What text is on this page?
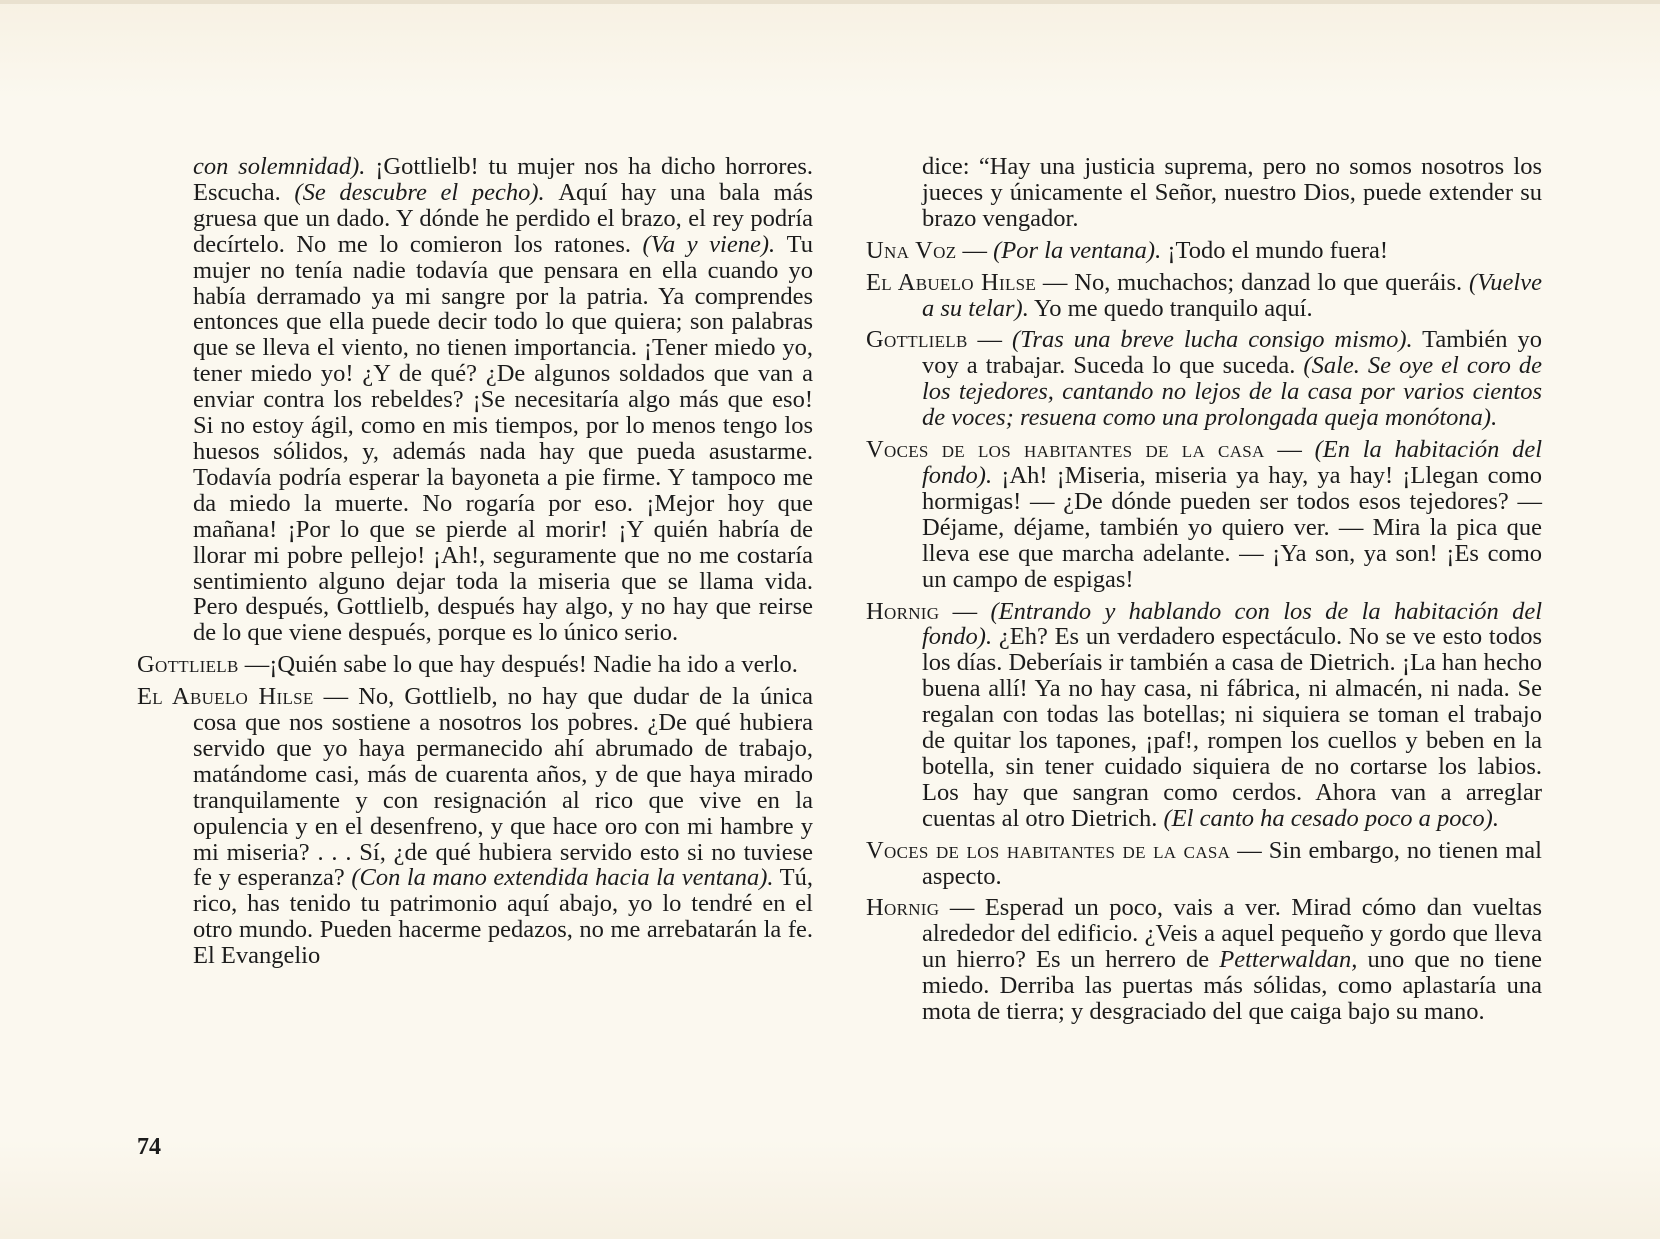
con solemnidad). ¡Gottlielb! tu mujer nos ha dicho horrores. Escucha. (Se descubre el pecho). Aquí hay una bala más gruesa que un dado. Y dónde he perdido el brazo, el rey podría decírtelo. No me lo comieron los ratones. (Va y viene). Tu mujer no tenía nadie todavía que pensara en ella cuando yo había derramado ya mi sangre por la patria. Ya comprendes entonces que ella puede decir todo lo que quiera; son palabras que se lleva el viento, no tienen importancia. ¡Tener miedo yo, tener miedo yo! ¿Y de qué? ¿De algunos soldados que van a enviar contra los rebeldes? ¡Se necesitaría algo más que eso! Si no estoy ágil, como en mis tiempos, por lo menos tengo los huesos sólidos, y, además nada hay que pueda asustarme. Todavía podría esperar la bayoneta a pie firme. Y tampoco me da miedo la muerte. No rogaría por eso. ¡Mejor hoy que mañana! ¡Por lo que se pierde al morir! ¡Y quién habría de llorar mi pobre pellejo! ¡Ah!, seguramente que no me costaría sentimiento alguno dejar toda la miseria que se llama vida. Pero después, Gottlielb, después hay algo, y no hay que reirse de lo que viene después, porque es lo único serio.

Gottlielb —¡Quién sabe lo que hay después! Nadie ha ido a verlo.

El Abuelo Hilse — No, Gottlielb, no hay que dudar de la única cosa que nos sostiene a nosotros los pobres. ¿De qué hubiera servido que yo haya permanecido ahí abrumado de trabajo, matándome casi, más de cuarenta años, y de que haya mirado tranquilamente y con resignación al rico que vive en la opulencia y en el desenfreno, y que hace oro con mi hambre y mi miseria? . . . Sí, ¿de qué hubiera servido esto si no tuviese fe y esperanza? (Con la mano extendida hacia la ventana). Tú, rico, has tenido tu patrimonio aquí abajo, yo lo tendré en el otro mundo. Pueden hacerme pedazos, no me arrebatarán la fe. El Evangelio

dice: “Hay una justicia suprema, pero no somos nosotros los jueces y únicamente el Señor, nuestro Dios, puede extender su brazo vengador.

Una Voz — (Por la ventana). ¡Todo el mundo fuera!

El Abuelo Hilse — No, muchachos; danzad lo que queráis. (Vuelve a su telar). Yo me quedo tranquilo aquí.

Gottlielb — (Tras una breve lucha consigo mismo). También yo voy a trabajar. Suceda lo que suceda. (Sale. Se oye el coro de los tejedores, cantando no lejos de la casa por varios cientos de voces; resuena como una prolongada queja monótona).

Voces de los habitantes de la casa — (En la habitación del fondo). ¡Ah! ¡Miseria, miseria ya hay, ya hay! ¡Llegan como hormigas! — ¿De dónde pueden ser todos esos tejedores? — Déjame, déjame, también yo quiero ver. — Mira la pica que lleva ese que marcha adelante. — ¡Ya son, ya son! ¡Es como un campo de espigas!

Hornig — (Entrando y hablando con los de la habitación del fondo). ¿Eh? Es un verdadero espectáculo. No se ve esto todos los días. Deberíais ir también a casa de Dietrich. ¡La han hecho buena allí! Ya no hay casa, ni fábrica, ni almacén, ni nada. Se regalan con todas las botellas; ni siquiera se toman el trabajo de quitar los tapones, ¡paf!, rompen los cuellos y beben en la botella, sin tener cuidado siquiera de no cortarse los labios. Los hay que sangran como cerdos. Ahora van a arreglar cuentas al otro Dietrich. (El canto ha cesado poco a poco).

Voces de los habitantes de la casa — Sin embargo, no tienen mal aspecto.

Hornig — Esperad un poco, vais a ver. Mirad cómo dan vueltas alrededor del edificio. ¿Veis a aquel pequeño y gordo que lleva un hierro? Es un herrero de Petterwaldan, uno que no tiene miedo. Derriba las puertas más sólidas, como aplastaría una mota de tierra; y desgraciado del que caiga bajo su mano.

74
